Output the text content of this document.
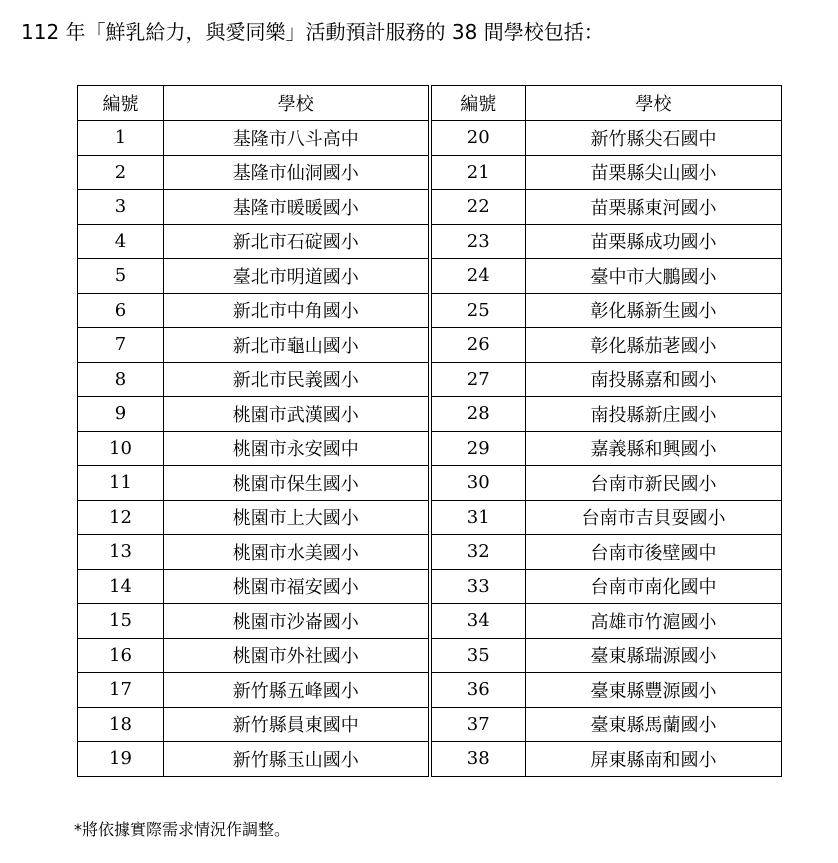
112 年「鮮乳給力，與愛同樂」活動預計服務的 38 間學校包括：
編號	學校	編號	學校
1	基隆市八斗高中	20	新竹縣尖石國中
2	基隆市仙洞國小	21	苗栗縣尖山國小
3	基隆市暖暖國小	22	苗栗縣東河國小
4	新北市石碇國小	23	苗栗縣成功國小
5	臺北市明道國小	24	臺中市大鵬國小
6	新北市中角國小	25	彰化縣新生國小
7	新北市龜山國小	26	彰化縣茄荖國小
8	新北市民義國小	27	南投縣嘉和國小
9	桃園市武漢國小	28	南投縣新庄國小
10	桃園市永安國中	29	嘉義縣和興國小
11	桃園市保生國小	30	台南市新民國小
12	桃園市上大國小	31	台南市吉貝耍國小
13	桃園市水美國小	32	台南市後壁國中
14	桃園市福安國小	33	台南市南化國中
15	桃園市沙崙國小	34	高雄市竹滬國小
16	桃園市外社國小	35	臺東縣瑞源國小
17	新竹縣五峰國小	36	臺東縣豐源國小
18	新竹縣員東國中	37	臺東縣馬蘭國小
19	新竹縣玉山國小	38	屏東縣南和國小
*將依據實際需求情況作調整。
